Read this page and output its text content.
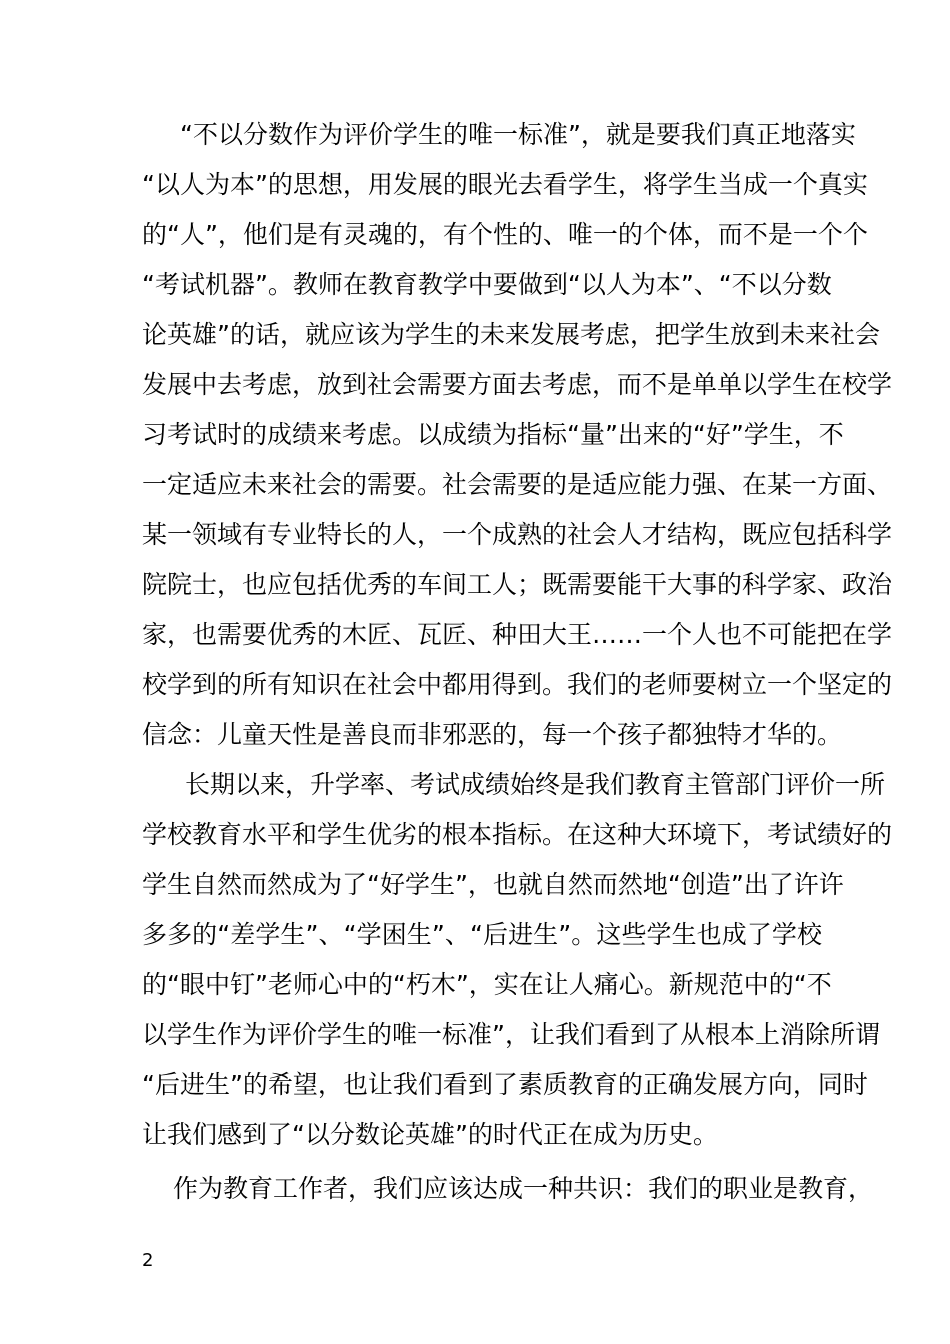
“不以分数作为评价学生的唯一标准”，就是要我们真正地落实
“以人为本”的思想，用发展的眼光去看学生，将学生当成一个真实
的“人”，他们是有灵魂的，有个性的、唯一的个体，而不是一个个
“考试机器”。教师在教育教学中要做到“以人为本”、“不以分数
论英雄”的话，就应该为学生的未来发展考虑，把学生放到未来社会
发展中去考虑，放到社会需要方面去考虑，而不是单单以学生在校学
习考试时的成绩来考虑。以成绩为指标“量”出来的“好”学生，不
一定适应未来社会的需要。社会需要的是适应能力强、在某一方面、
某一领域有专业特长的人，一个成熟的社会人才结构，既应包括科学
院院士，也应包括优秀的车间工人；既需要能干大事的科学家、政治
家，也需要优秀的木匠、瓦匠、种田大王……一个人也不可能把在学
校学到的所有知识在社会中都用得到。我们的老师要树立一个坚定的
信念：儿童天性是善良而非邪恶的，每一个孩子都独特才华的。
长期以来，升学率、考试成绩始终是我们教育主管部门评价一所
学校教育水平和学生优劣的根本指标。在这种大环境下，考试绩好的
学生自然而然成为了“好学生”，也就自然而然地“创造”出了许许
多多的“差学生”、“学困生”、“后进生”。这些学生也成了学校
的“眼中钉”老师心中的“朽木”，实在让人痛心。新规范中的“不
以学生作为评价学生的唯一标准”，让我们看到了从根本上消除所谓
“后进生”的希望，也让我们看到了素质教育的正确发展方向，同时
让我们感到了“以分数论英雄”的时代正在成为历史。
作为教育工作者，我们应该达成一种共识：我们的职业是教育，
2
